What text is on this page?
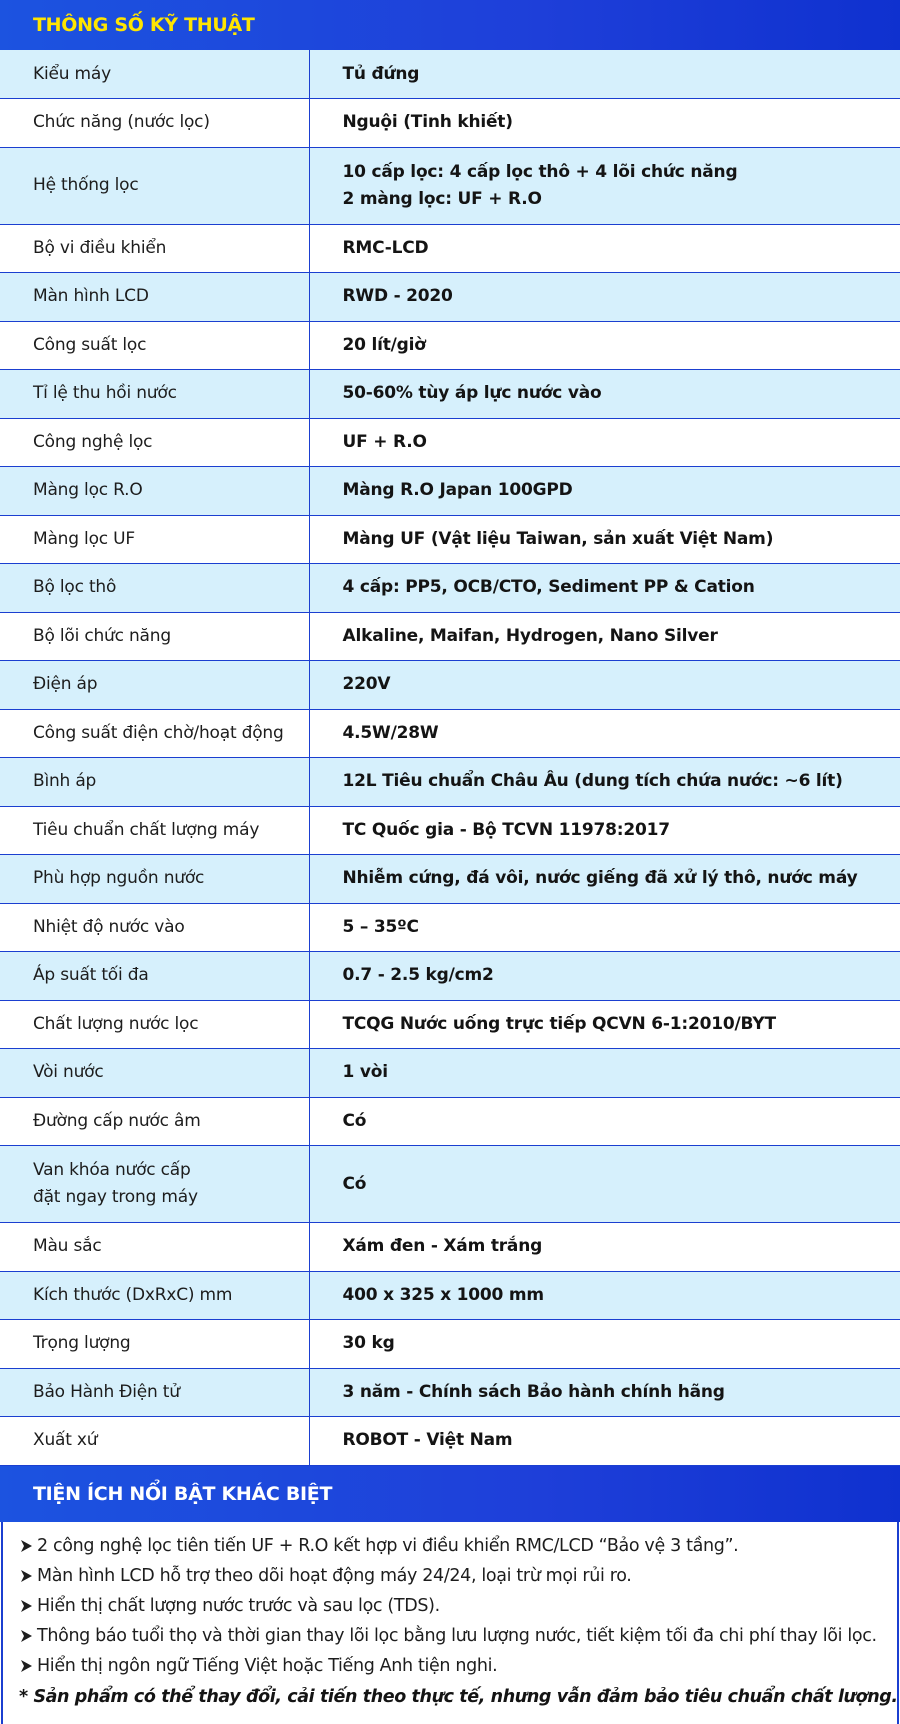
THÔNG SỐ KỸ THUẬT
Kiểu máy	Tủ đứng
Chức năng (nước lọc)	Nguội (Tinh khiết)
Hệ thống lọc	10 cấp lọc: 4 cấp lọc thô + 4 lõi chức năng
2 màng lọc: UF + R.O
Bộ vi điều khiển	RMC-LCD
Màn hình LCD	RWD - 2020
Công suất lọc	20 lít/giờ
Tỉ lệ thu hồi nước	50-60% tùy áp lực nước vào
Công nghệ lọc	UF + R.O
Màng lọc R.O	Màng R.O Japan 100GPD
Màng lọc UF	Màng UF (Vật liệu Taiwan, sản xuất Việt Nam)
Bộ lọc thô	4 cấp: PP5, OCB/CTO, Sediment PP & Cation
Bộ lõi chức năng	Alkaline, Maifan, Hydrogen, Nano Silver
Điện áp	220V
Công suất điện chờ/hoạt động	4.5W/28W
Bình áp	12L Tiêu chuẩn Châu Âu (dung tích chứa nước: ~6 lít)
Tiêu chuẩn chất lượng máy	TC Quốc gia - Bộ TCVN 11978:2017
Phù hợp nguồn nước	Nhiễm cứng, đá vôi, nước giếng đã xử lý thô, nước máy
Nhiệt độ nước vào	5 – 35ºC
Áp suất tối đa	0.7 - 2.5 kg/cm2
Chất lượng nước lọc	TCQG Nước uống trực tiếp QCVN 6-1:2010/BYT
Vòi nước	1 vòi
Đường cấp nước âm	Có
Van khóa nước cấp
đặt ngay trong máy	Có
Màu sắc	Xám đen - Xám trắng
Kích thước (DxRxC) mm	400 x 325 x 1000 mm
Trọng lượng	30 kg
Bảo Hành Điện tử	3 năm - Chính sách Bảo hành chính hãng
Xuất xứ	ROBOT - Việt Nam
TIỆN ÍCH NỔI BẬT KHÁC BIỆT
2 công nghệ lọc tiên tiến UF + R.O kết hợp vi điều khiển RMC/LCD “Bảo vệ 3 tầng”.
Màn hình LCD hỗ trợ theo dõi hoạt động máy 24/24, loại trừ mọi rủi ro.
Hiển thị chất lượng nước trước và sau lọc (TDS).
Thông báo tuổi thọ và thời gian thay lõi lọc bằng lưu lượng nước, tiết kiệm tối đa chi phí thay lõi lọc.
Hiển thị ngôn ngữ Tiếng Việt hoặc Tiếng Anh tiện nghi.
* Sản phẩm có thể thay đổi, cải tiến theo thực tế, nhưng vẫn đảm bảo tiêu chuẩn chất lượng.
